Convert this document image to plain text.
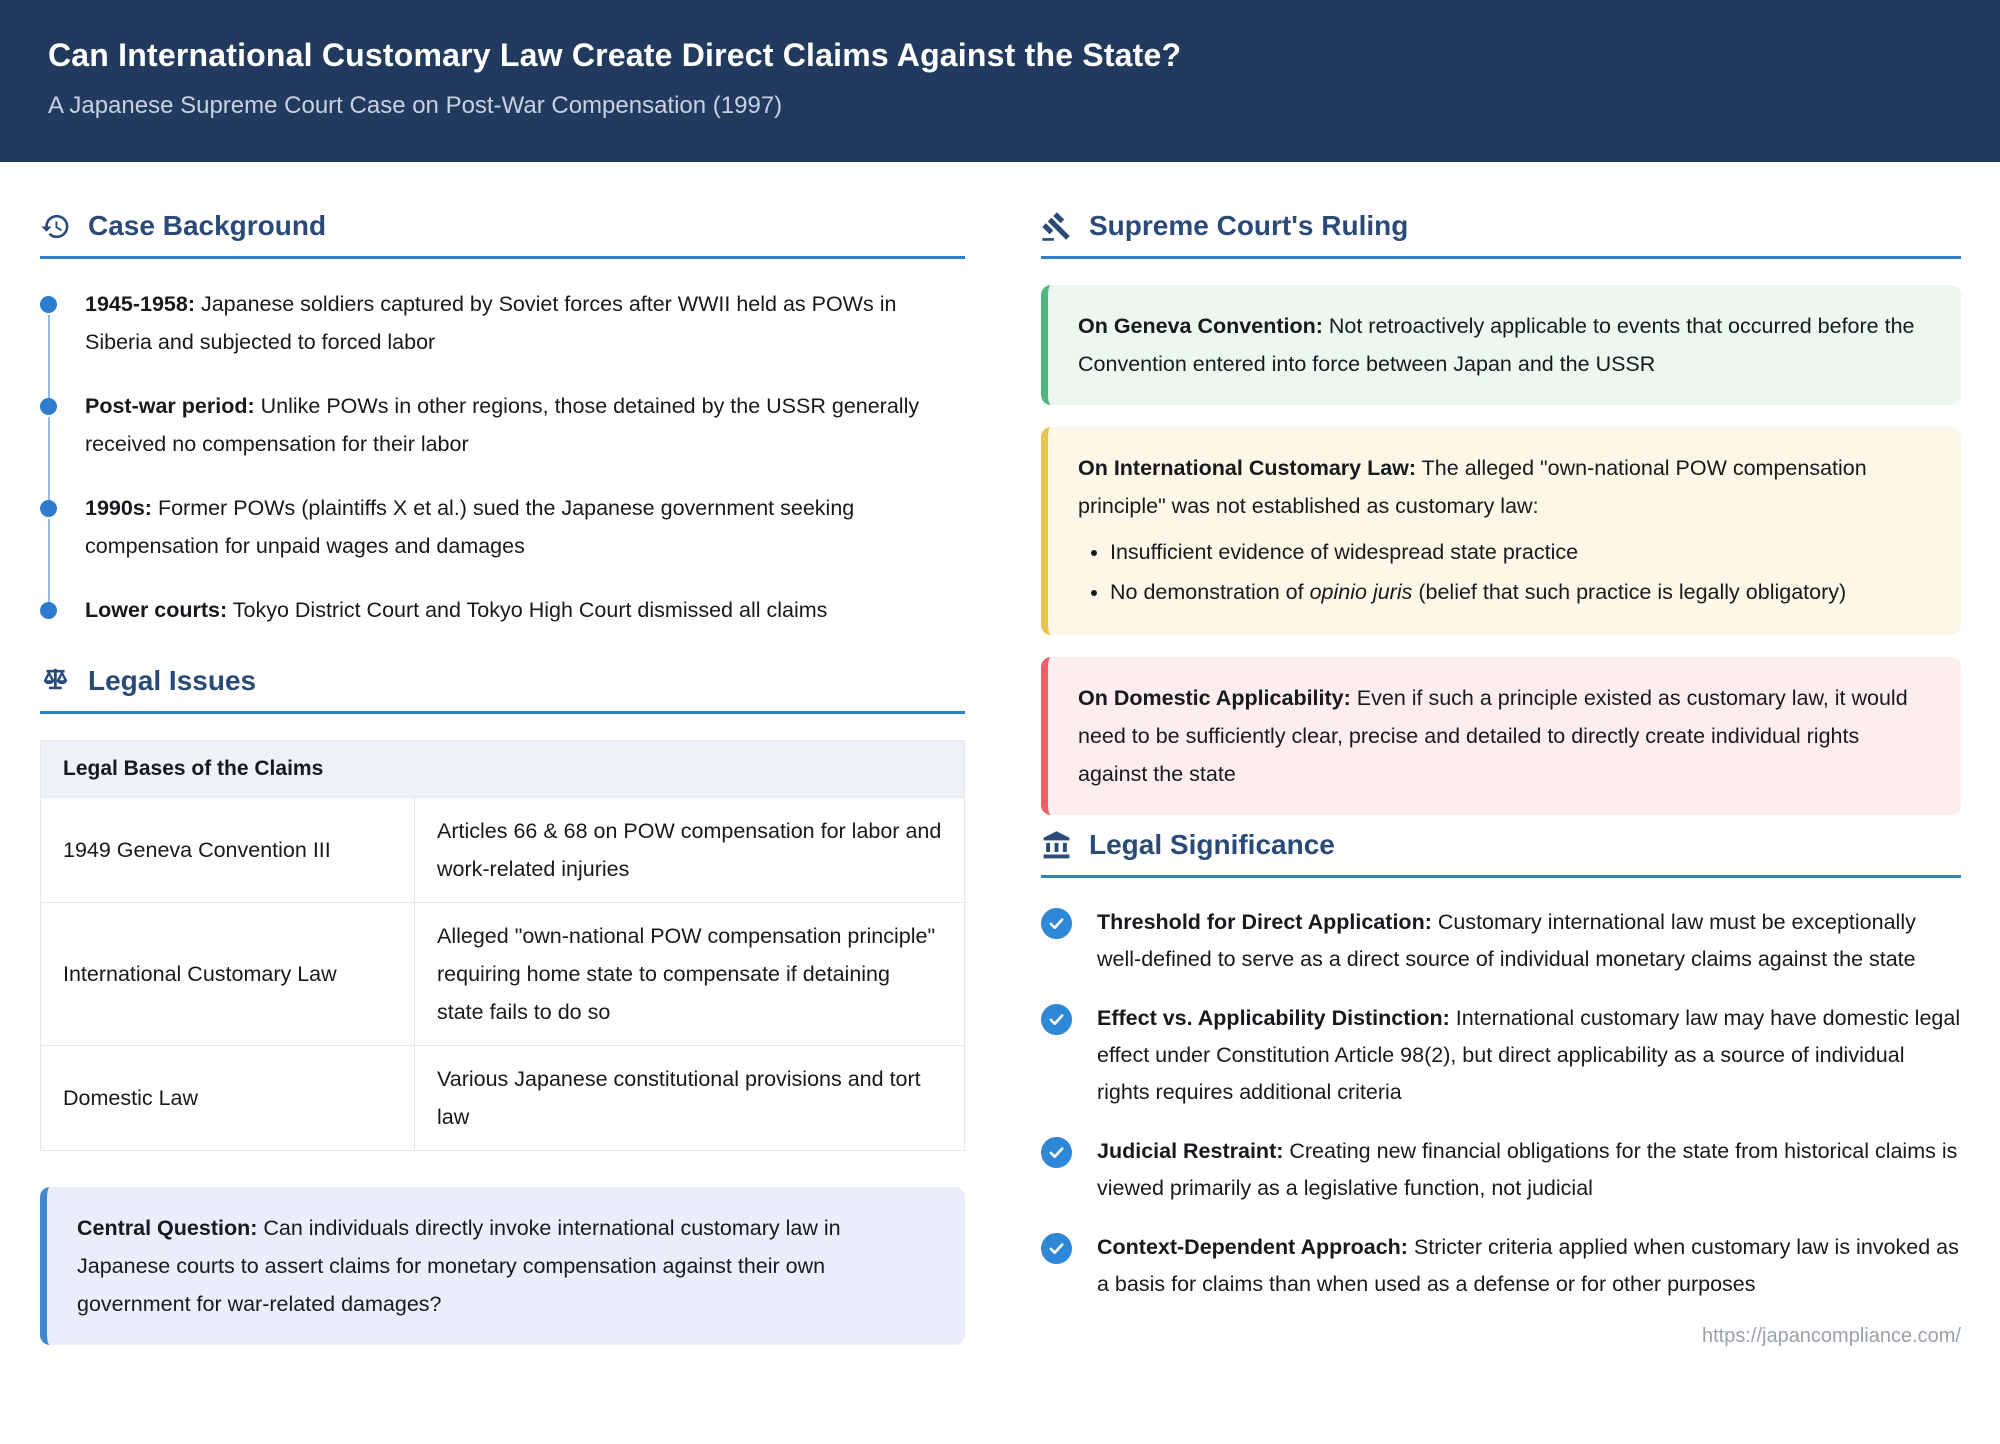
Can International Customary Law Create Direct Claims Against the State?

A Japanese Supreme Court Case on Post-War Compensation (1997)

Case Background
1945-1958: Japanese soldiers captured by Soviet forces after WWII held as POWs in Siberia and subjected to forced labor
Post-war period: Unlike POWs in other regions, those detained by the USSR generally received no compensation for their labor
1990s: Former POWs (plaintiffs X et al.) sued the Japanese government seeking compensation for unpaid wages and damages
Lower courts: Tokyo District Court and Tokyo High Court dismissed all claims
Legal Issues
Legal Bases of the Claims	
1949 Geneva Convention III	Articles 66 & 68 on POW compensation for labor and work-related injuries
International Customary Law	Alleged "own-national POW compensation principle" requiring home state to compensate if detaining state fails to do so
Domestic Law	Various Japanese constitutional provisions and tort law

Central Question: Can individuals directly invoke international customary law in Japanese courts to assert claims for monetary compensation against their own government for war-related damages?

Supreme Court's Ruling

On Geneva Convention: Not retroactively applicable to events that occurred before the Convention entered into force between Japan and the USSR

On International Customary Law: The alleged "own-national POW compensation principle" was not established as customary law:

• Insufficient evidence of widespread state practice
• No demonstration of opinio juris (belief that such practice is legally obligatory)

On Domestic Applicability: Even if such a principle existed as customary law, it would need to be sufficiently clear, precise and detailed to directly create individual rights against the state

Legal Significance

Threshold for Direct Application: Customary international law must be exceptionally well-defined to serve as a direct source of individual monetary claims against the state

Effect vs. Applicability Distinction: International customary law may have domestic legal effect under Constitution Article 98(2), but direct applicability as a source of individual rights requires additional criteria

Judicial Restraint: Creating new financial obligations for the state from historical claims is viewed primarily as a legislative function, not judicial

Context-Dependent Approach: Stricter criteria applied when customary law is invoked as a basis for claims than when used as a defense or for other purposes

https://japancompliance.com/
